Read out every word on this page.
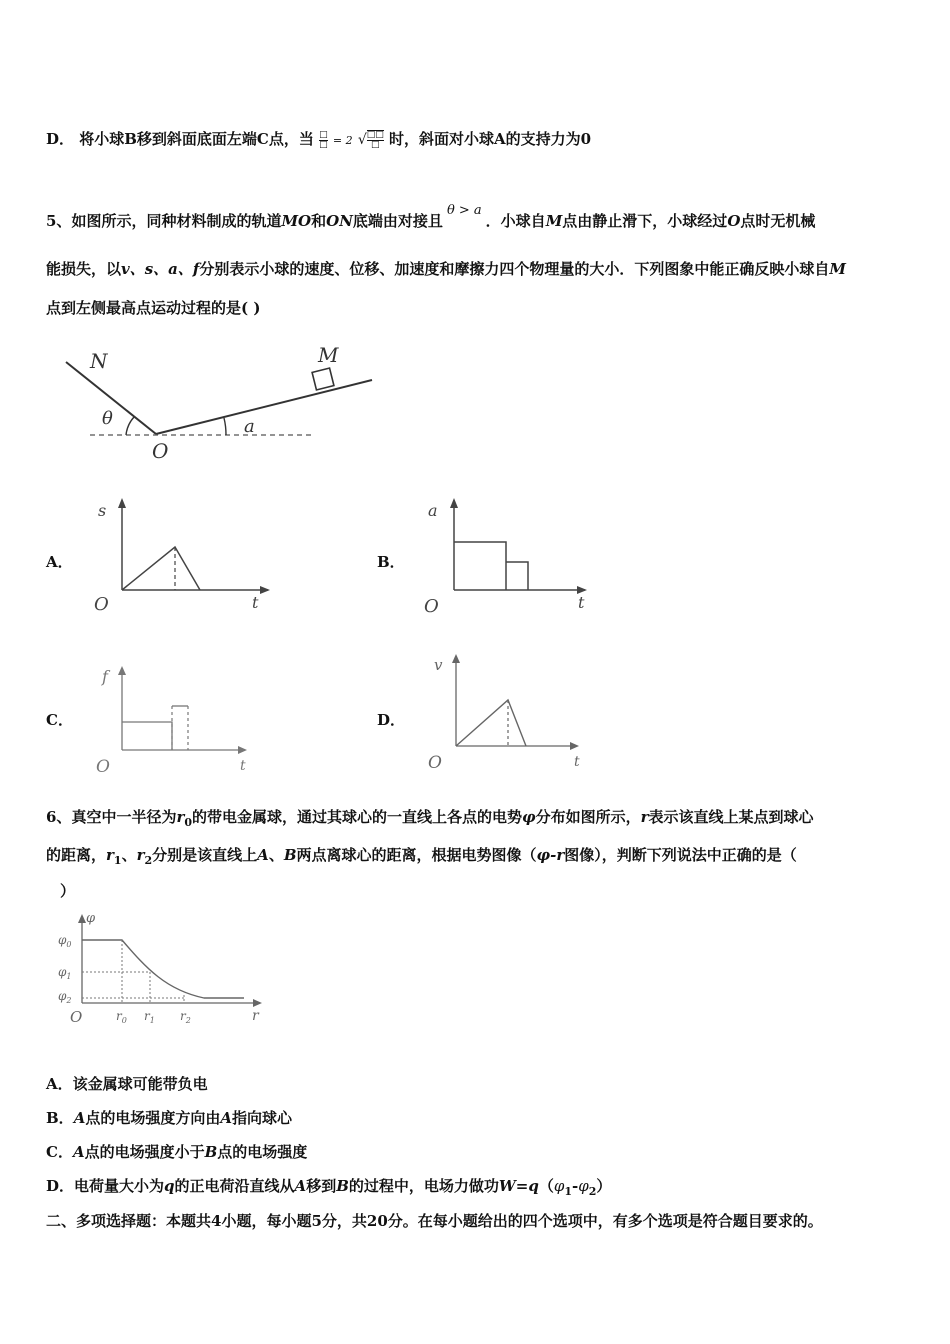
D． 将小球B移到斜面底面左端C点，当 $\frac{□}{□} = 2$ √ $\frac{□□}{□}$ 时，斜面对小球A的支持力为0
5、如图所示，同种材料制成的轨道MO和ON底端由对接且θ > a．小球自M点由静止滑下，小球经过O点时无机械
能损失，以v、s、a、f分别表示小球的速度、位移、加速度和摩擦力四个物理量的大小．下列图象中能正确反映小球自M
点到左侧最高点运动过程的是( )
N	M
O
θ	a
A．
s
t
O
B．
a
t
O
C．
f
t
O
D．
v
t
O
6、真空中一半径为$r_0$的带电金属球，通过其球心的一直线上各点的电势φ分布如图所示，r表示该直线上某点到球心
的距离，$r_1$、$r_2$分别是该直线上A、B两点离球心的距离，根据电势图像（φ-r图像），判断下列说法中正确的是（
）
φ
$\varphi_0$
$\varphi_1$
$\varphi_2$
O	$r_0$ $r_1$ $r_2$	r
A．该金属球可能带负电
B．A点的电场强度方向由A指向球心
C．A点的电场强度小于B点的电场强度
D．电荷量大小为q的正电荷沿直线从A移到B的过程中，电场力做功$W=q(\varphi_1-\varphi_2)$
二、多项选择题：本题共4小题，每小题5分，共20分。在每小题给出的四个选项中，有多个选项是符合题目要求的。
